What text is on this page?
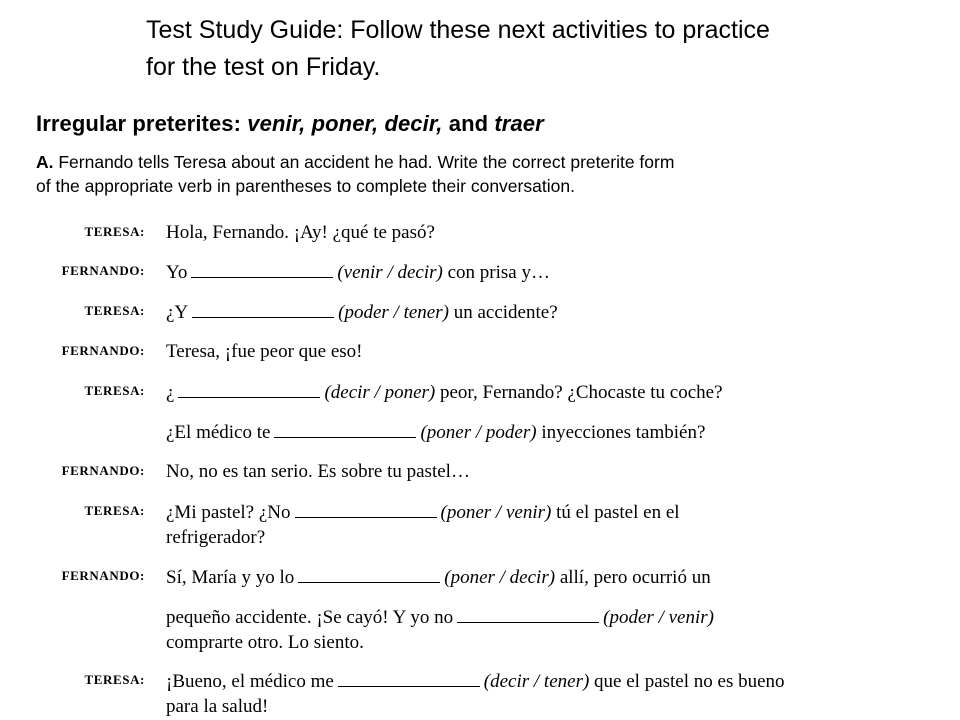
Test Study Guide: Follow these next activities to practice
for the test on Friday.
Irregular preterites: venir, poner, decir, and traer
A. Fernando tells Teresa about an accident he had. Write the correct preterite form
of the appropriate verb in parentheses to complete their conversation.
TERESA: Hola, Fernando. ¡Ay! ¿qué te pasó?
FERNANDO: Yo	(venir / decir) con prisa y…
TERESA: ¿Y	(poder / tener) un accidente?
FERNANDO: Teresa, ¡fue peor que eso!
TERESA: ¿	(decir / poner) peor, Fernando? ¿Chocaste tu coche?
¿El médico te	(poner / poder) inyecciones también?
FERNANDO: No, no es tan serio. Es sobre tu pastel…
TERESA: ¿Mi pastel? ¿No	(poner / venir) tú el pastel en el
refrigerador?
FERNANDO: Sí, María y yo lo	(poner / decir) allí, pero ocurrió un
pequeño accidente. ¡Se cayó! Y yo no	(poder / venir)
comprarte otro. Lo siento.
TERESA: ¡Bueno, el médico me	(decir / tener) que el pastel no es bueno
para la salud!
